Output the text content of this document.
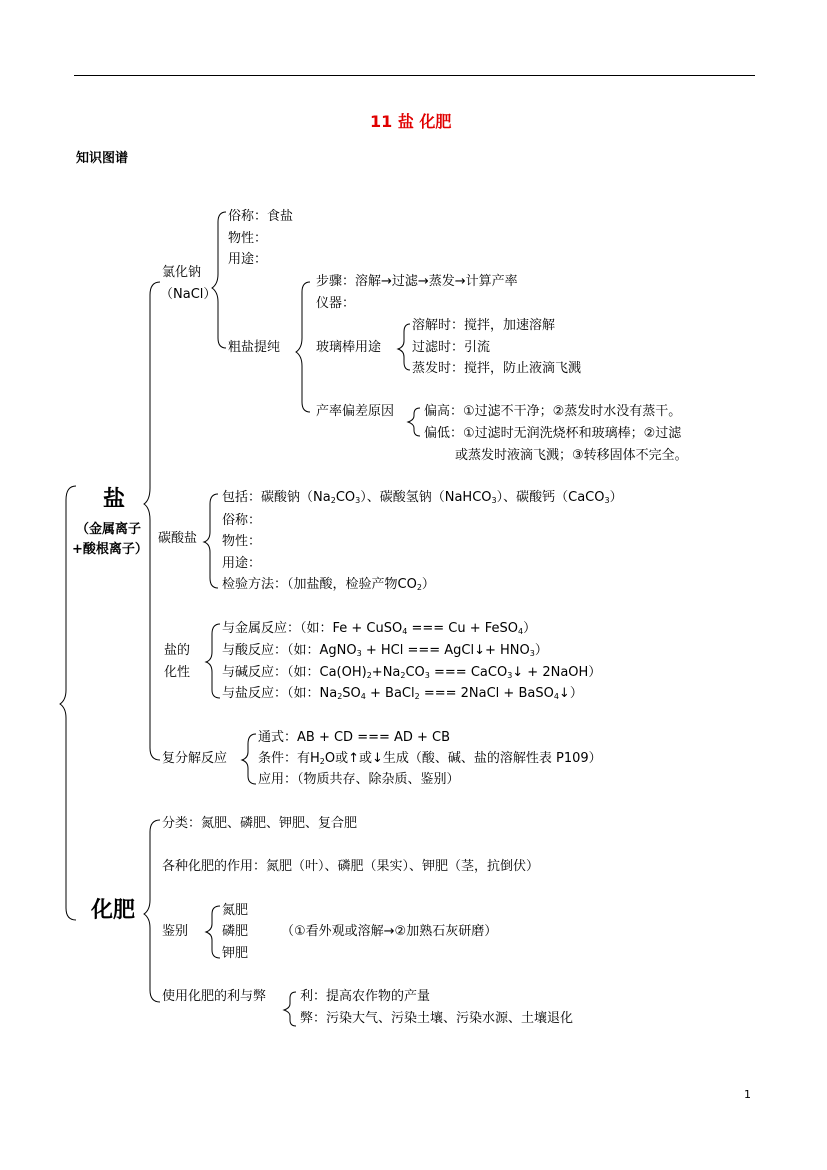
11 盐 化肥
知识图谱
盐
（金属离子
+酸根离子）
氯化钠
（NaCl）
俗称：食盐
物性：
用途：
粗盐提纯
步骤：溶解→过滤→蒸发→计算产率
仪器：
玻璃棒用途
溶解时：搅拌，加速溶解
过滤时：引流
蒸发时：搅拌，防止液滴飞溅
产率偏差原因 偏高：①过滤不干净；②蒸发时水没有蒸干。
偏低：①过滤时无润洗烧杯和玻璃棒；②过滤
或蒸发时液滴飞溅；③转移固体不完全。
碳酸盐
包括：碳酸钠$(Na_2CO_3)$、碳酸氢钠（NaHCO$_3$）、碳酸钙（CaCO$_3$）
俗称：
物性：
用途：
检验方法：（加盐酸，检验产物$CO_2$）
盐的
化性
与金属反应：（如：Fe + CuSO$_4$ === Cu + FeSO$_4$）
与酸反应：（如：AgNO$_3$ + HCl === AgCl↓+ $HNO_3$）
与碱反应：（如：$Ca(OH)_2+Na_2CO_3$ === CaCO$_3$↓ + 2NaOH）
与盐反应：（如：$Na_2SO_4$ + BaCl$_2$ === 2NaCl + BaSO$_4$↓）
复分解反应
通式：AB + CD === AD + CB
条件：有$H_2O$或↑或↓生成（酸、碱、盐的溶解性表 P109）
应用：（物质共存、除杂质、鉴别）
化肥
分类：氮肥、磷肥、钾肥、复合肥
各种化肥的作用：氮肥（叶）、磷肥（果实）、钾肥（茎，抗倒伏）
鉴别
氮肥
磷肥
钾肥
（①看外观或溶解→②加熟石灰研磨）
使用化肥的利与弊	利：提高农作物的产量
弊：污染大气、污染土壤、污染水源、土壤退化
1
